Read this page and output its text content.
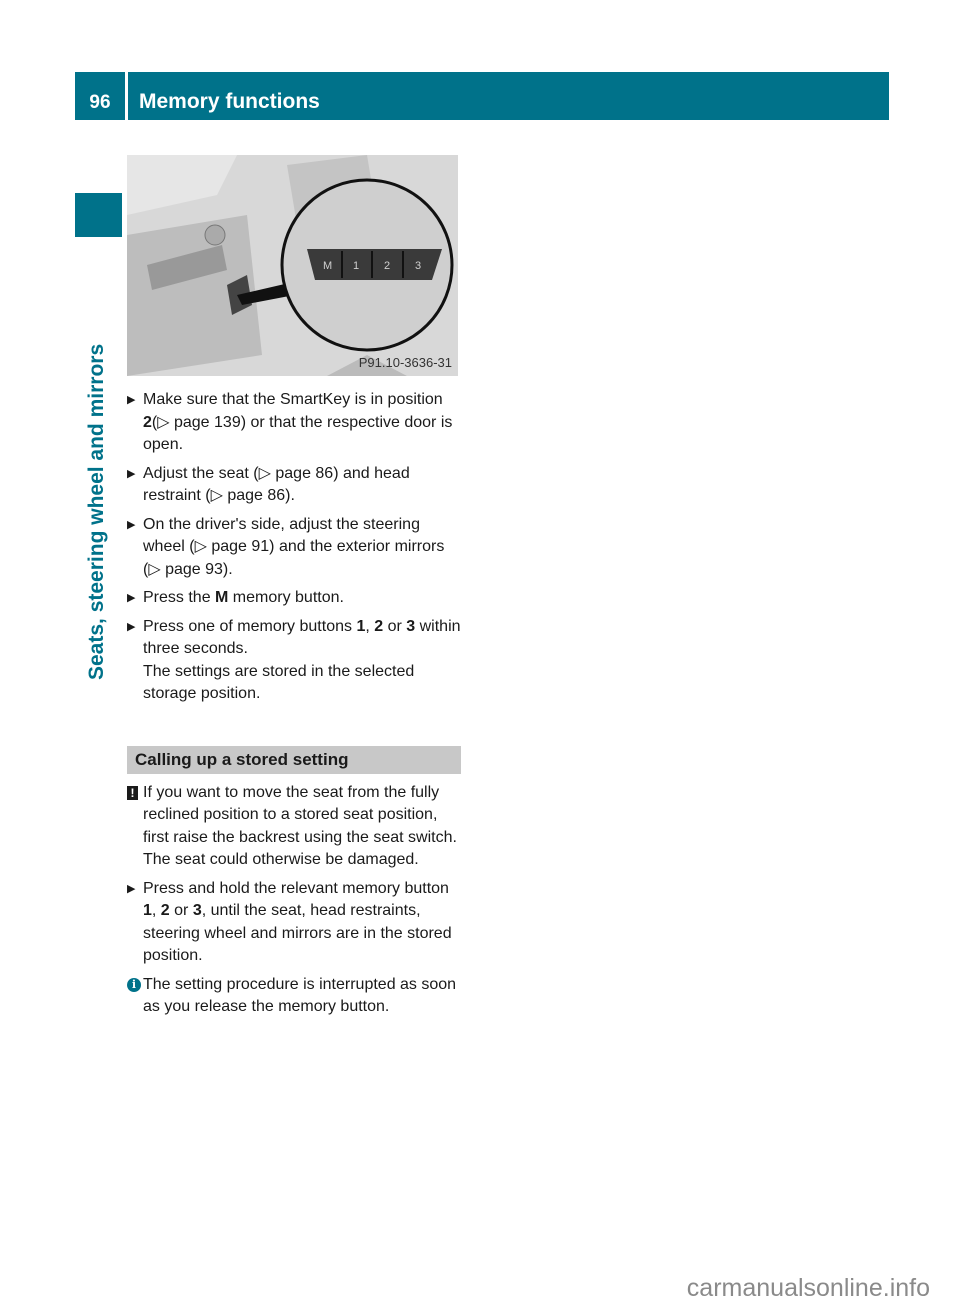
96 Memory functions
Seats, steering wheel and mirrors
M 1 2 3
P91.10-3636-31
▶ Make sure that the SmartKey is in position 2(▷ page 139) or that the respective door is open.
▶ Adjust the seat (▷ page 86) and head restraint (▷ page 86).
▶ On the driver's side, adjust the steering wheel (▷ page 91) and the exterior mirrors (▷ page 93).
▶ Press the M memory button.
▶ Press one of memory buttons 1, 2 or 3 within three seconds.
The settings are stored in the selected storage position.
Calling up a stored setting
! If you want to move the seat from the fully reclined position to a stored seat position, first raise the backrest using the seat switch. The seat could otherwise be damaged.
▶ Press and hold the relevant memory button 1, 2 or 3, until the seat, head restraints, steering wheel and mirrors are in the stored position.
i The setting procedure is interrupted as soon as you release the memory button.
carmanualsonline.info
